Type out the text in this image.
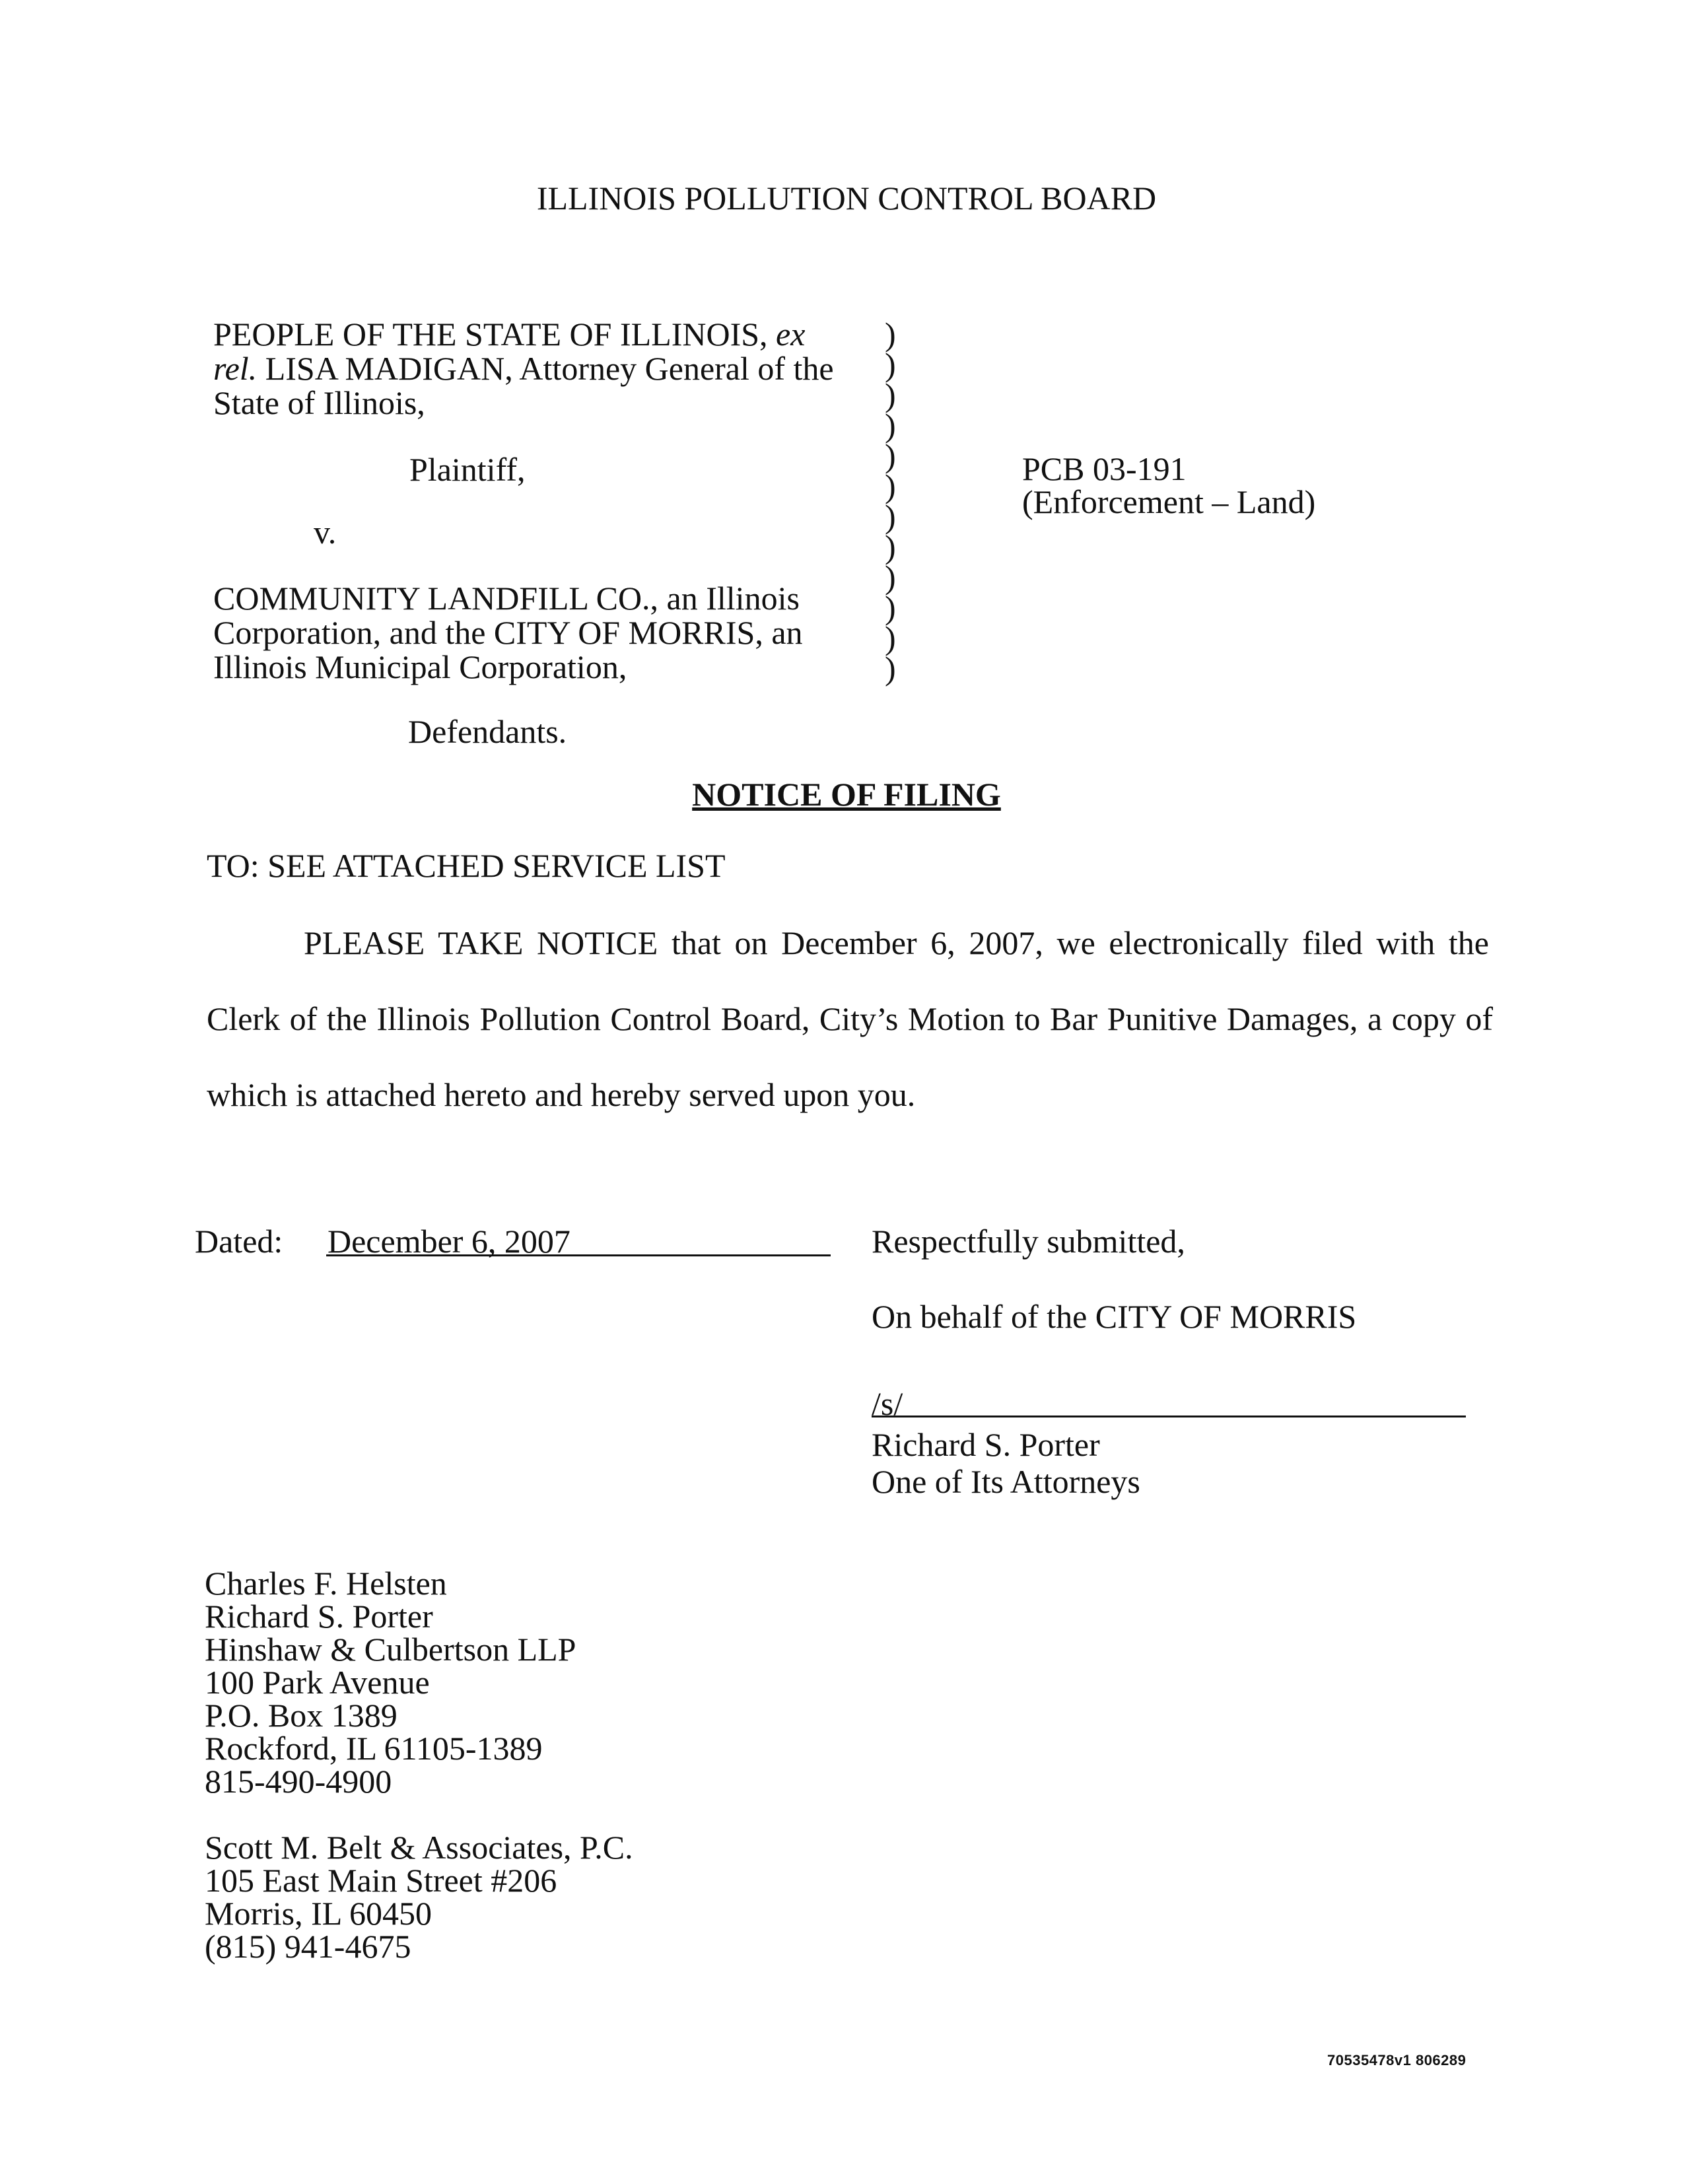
ILLINOIS POLLUTION CONTROL BOARD
PEOPLE OF THE STATE OF ILLINOIS, ex
rel. LISA MADIGAN, Attorney General of the
State of Illinois,
Plaintiff,
v.
COMMUNITY LANDFILL CO., an Illinois
Corporation, and the CITY OF MORRIS, an
Illinois Municipal Corporation,
Defendants.
)
)
)
)
)
)
)
)
)
)
)
)
PCB 03-191
(Enforcement – Land)
NOTICE OF FILING
TO: SEE ATTACHED SERVICE LIST
PLEASE TAKE NOTICE that on December 6, 2007, we electronically filed with the
Clerk of the Illinois Pollution Control Board, City’s Motion to Bar Punitive Damages, a copy of
which is attached hereto and hereby served upon you.
Dated: December 6, 2007	Respectfully submitted,
On behalf of the CITY OF MORRIS
/s/
Richard S. Porter
One of Its Attorneys
Charles F. Helsten
Richard S. Porter
Hinshaw & Culbertson LLP
100 Park Avenue
P.O. Box 1389
Rockford, IL 61105-1389
815-490-4900
Scott M. Belt & Associates, P.C.
105 East Main Street #206
Morris, IL 60450
(815) 941-4675
70535478v1 806289
